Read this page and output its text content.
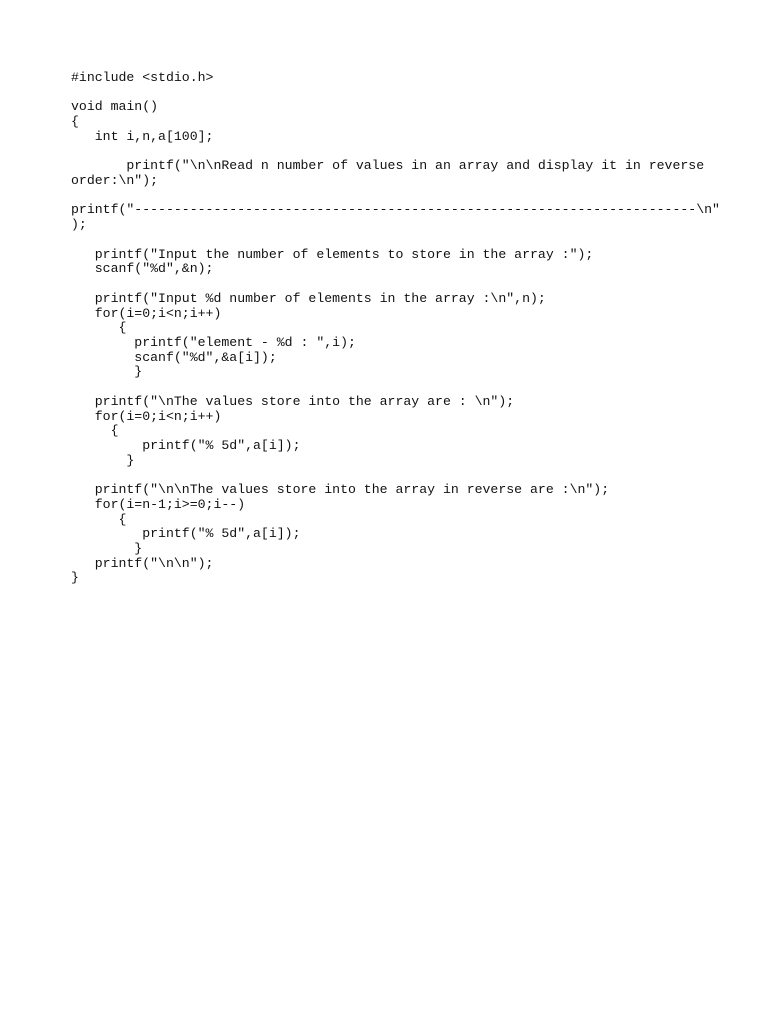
#include <stdio.h>
void main()
{
int i,n,a[100];
printf("\n\nRead n number of values in an array and display it in reverse
order:\n");
printf("-----------------------------------------------------------------------\n"
);
printf("Input the number of elements to store in the array :");
scanf("%d",&n);
printf("Input %d number of elements in the array :\n",n);
for(i=0;i<n;i++)
{
printf("element - %d : ",i);
scanf("%d",&a[i]);
}
printf("\nThe values store into the array are : \n");
for(i=0;i<n;i++)
{
printf("% 5d",a[i]);
}
printf("\n\nThe values store into the array in reverse are :\n");
for(i=n-1;i>=0;i--)
{
printf("% 5d",a[i]);
}
printf("\n\n");
}
